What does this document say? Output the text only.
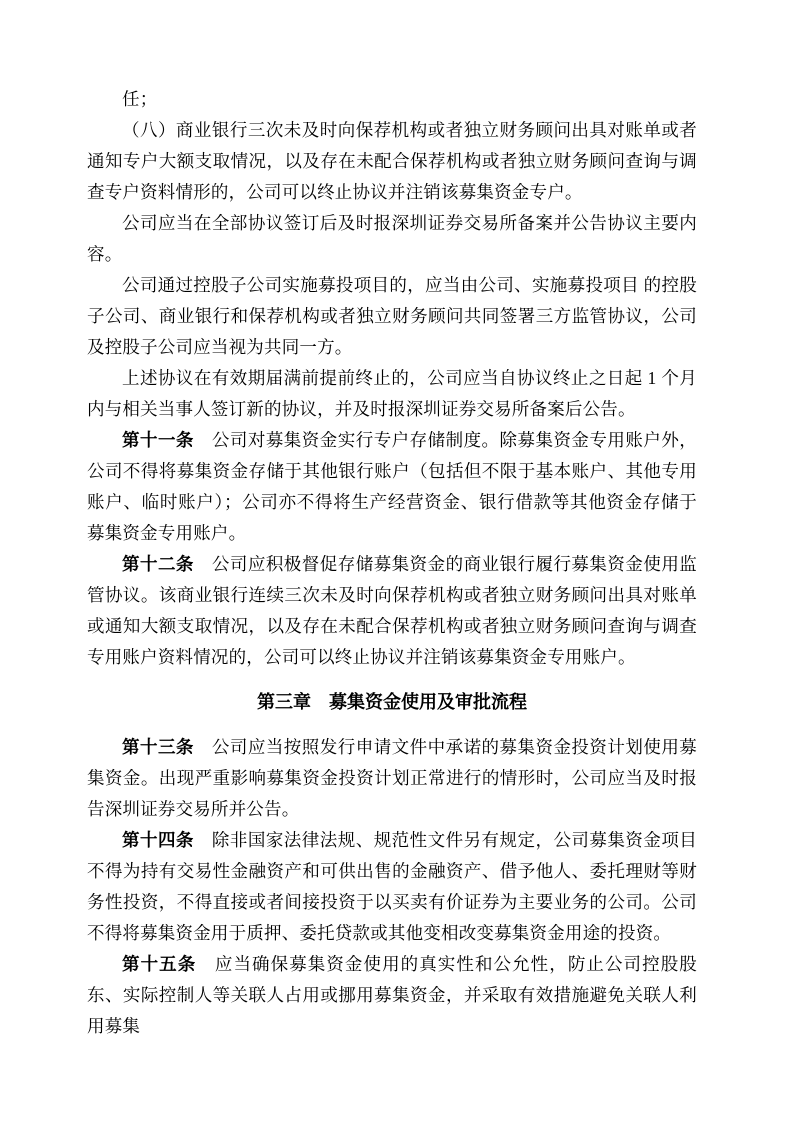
任；

（八）商业银行三次未及时向保荐机构或者独立财务顾问出具对账单或者通知专户大额支取情况，以及存在未配合保荐机构或者独立财务顾问查询与调查专户资料情形的，公司可以终止协议并注销该募集资金专户。

公司应当在全部协议签订后及时报深圳证券交易所备案并公告协议主要内容。

公司通过控股子公司实施募投项目的，应当由公司、实施募投项目 的控股子公司、商业银行和保荐机构或者独立财务顾问共同签署三方监管协议，公司及控股子公司应当视为共同一方。

上述协议在有效期届满前提前终止的，公司应当自协议终止之日起 1 个月内与相关当事人签订新的协议，并及时报深圳证券交易所备案后公告。

第十一条　公司对募集资金实行专户存储制度。除募集资金专用账户外，公司不得将募集资金存储于其他银行账户（包括但不限于基本账户、其他专用账户、临时账户）；公司亦不得将生产经营资金、银行借款等其他资金存储于募集资金专用账户。

第十二条　公司应积极督促存储募集资金的商业银行履行募集资金使用监管协议。该商业银行连续三次未及时向保荐机构或者独立财务顾问出具对账单或通知大额支取情况，以及存在未配合保荐机构或者独立财务顾问查询与调查专用账户资料情况的，公司可以终止协议并注销该募集资金专用账户。

第三章　募集资金使用及审批流程

第十三条　公司应当按照发行申请文件中承诺的募集资金投资计划使用募集资金。出现严重影响募集资金投资计划正常进行的情形时，公司应当及时报告深圳证券交易所并公告。

第十四条　除非国家法律法规、规范性文件另有规定，公司募集资金项目不得为持有交易性金融资产和可供出售的金融资产、借予他人、委托理财等财务性投资，不得直接或者间接投资于以买卖有价证券为主要业务的公司。公司不得将募集资金用于质押、委托贷款或其他变相改变募集资金用途的投资。

第十五条　应当确保募集资金使用的真实性和公允性，防止公司控股股东、实际控制人等关联人占用或挪用募集资金，并采取有效措施避免关联人利用募集
